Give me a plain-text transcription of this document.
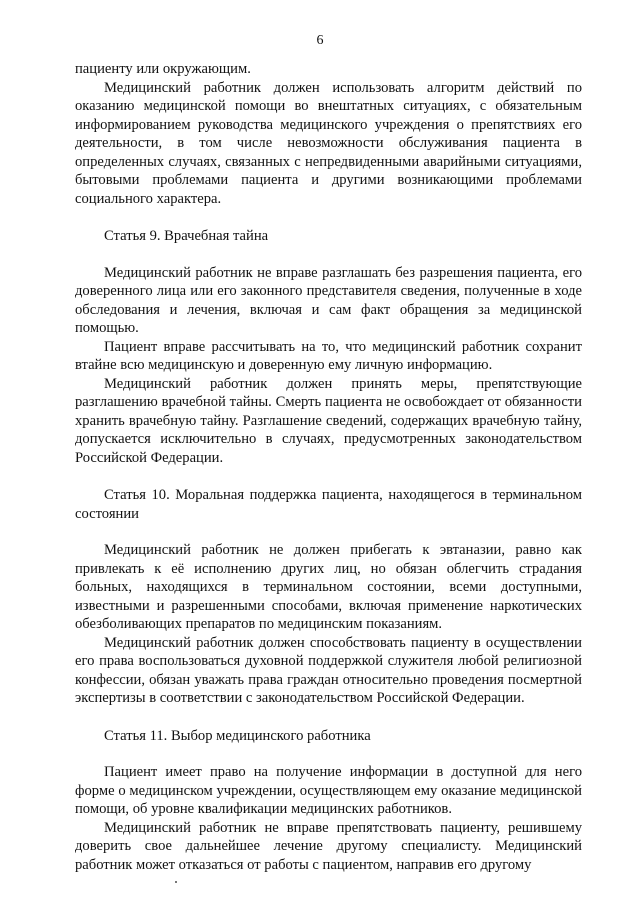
6

пациенту или окружающим.

Медицинский работник должен использовать алгоритм действий по оказанию медицинской помощи во внештатных ситуациях, с обязательным информированием руководства медицинского учреждения о препятствиях его деятельности, в том числе невозможности обслуживания пациента в определенных случаях, связанных с непредвиденными аварийными ситуациями, бытовыми проблемами пациента и другими возникающими проблемами социального характера.

Статья 9. Врачебная тайна

Медицинский работник не вправе разглашать без разрешения пациента, его доверенного лица или его законного представителя сведения, полученные в ходе обследования и лечения, включая и сам факт обращения за медицинской помощью.

Пациент вправе рассчитывать на то, что медицинский работник сохранит втайне всю медицинскую и доверенную ему личную информацию.

Медицинский работник должен принять меры, препятствующие разглашению врачебной тайны. Смерть пациента не освобождает от обязанности хранить врачебную тайну. Разглашение сведений, содержащих врачебную тайну, допускается исключительно в случаях, предусмотренных законодательством Российской Федерации.

Статья 10. Моральная поддержка пациента, находящегося в терминальном состоянии

Медицинский работник не должен прибегать к эвтаназии, равно как привлекать к её исполнению других лиц, но обязан облегчить страдания больных, находящихся в терминальном состоянии, всеми доступными, известными и разрешенными способами, включая применение наркотических обезболивающих препаратов по медицинским показаниям.

Медицинский работник должен способствовать пациенту в осуществлении его права воспользоваться духовной поддержкой служителя любой религиозной конфессии, обязан уважать права граждан относительно проведения посмертной экспертизы в соответствии с законодательством Российской Федерации.

Статья 11. Выбор медицинского работника

Пациент имеет право на получение информации в доступной для него форме о медицинском учреждении, осуществляющем ему оказание медицинской помощи, об уровне квалификации медицинских работников.

Медицинский работник не вправе препятствовать пациенту, решившему доверить свое дальнейшее лечение другому специалисту. Медицинский работник может отказаться от работы с пациентом, направив его другому
